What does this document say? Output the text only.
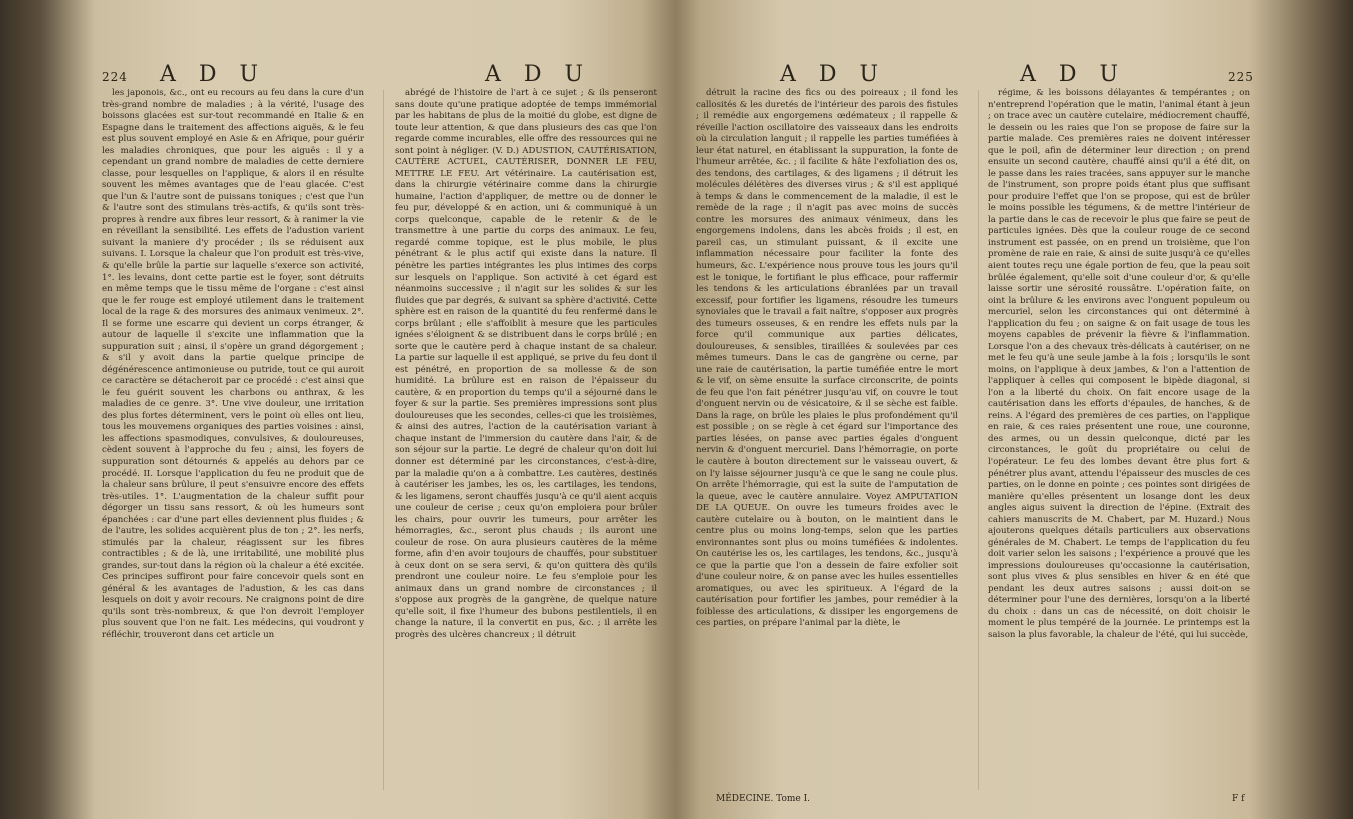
224 A D U	A D U

les japonois, &c., ont eu recours au feu dans la cure d'un très-grand nombre de maladies ; à la vérité, l'usage des boissons glacées est sur-tout recommandé en Italie & en Espagne dans le traitement des affections aiguës, & le feu est plus souvent employé en Asie & en Afrique, pour guérir les maladies chroniques, que pour les aiguës : il y a cependant un grand nombre de maladies de cette derniere classe, pour lesquelles on l'applique, & alors il en résulte souvent les mêmes avantages que de l'eau glacée. C'est que l'un & l'autre sont de puissans toniques ; c'est que l'un & l'autre sont des stimulans très-actifs, & qu'ils sont très-propres à rendre aux fibres leur ressort, & à ranimer la vie en réveillant la sensibilité. Les effets de l'adustion varient suivant la maniere d'y procéder ; ils se réduisent aux suivans. I. Lorsque la chaleur que l'on produit est très-vive, & qu'elle brûle la partie sur laquelle s'exerce son activité, 1°. les levains, dont cette partie est le foyer, sont détruits en même temps que le tissu même de l'organe : c'est ainsi que le fer rouge est employé utilement dans le traitement local de la rage & des morsures des animaux venimeux. 2°. Il se forme une escarre qui devient un corps étranger, & autour de laquelle il s'excite une inflammation que la suppuration suit ; ainsi, il s'opère un grand dégorgement ; & s'il y avoit dans la partie quelque principe de dégénérescence antimonieuse ou putride, tout ce qui auroit ce caractère se détacheroit par ce procédé : c'est ainsi que le feu guérit souvent les charbons ou anthrax, & les maladies de ce genre. 3°. Une vive douleur, une irritation des plus fortes déterminent, vers le point où elles ont lieu, tous les mouvemens organiques des parties voisines : ainsi, les affections spasmodiques, convulsives, & douloureuses, cèdent souvent à l'approche du feu ; ainsi, les foyers de suppuration sont détournés & appelés au dehors par ce procédé. II. Lorsque l'application du feu ne produit que de la chaleur sans brûlure, il peut s'ensuivre encore des effets très-utiles. 1°. L'augmentation de la chaleur suffit pour dégorger un tissu sans ressort, & où les humeurs sont épanchées : car d'une part elles deviennent plus fluides ; & de l'autre, les solides acquièrent plus de ton ; 2°. les nerfs, stimulés par la chaleur, réagissent sur les fibres contractibles ; & de là, une irritabilité, une mobilité plus grandes, sur-tout dans la région où la chaleur a été excitée. Ces principes suffiront pour faire concevoir quels sont en général & les avantages de l'adustion, & les cas dans lesquels on doit y avoir recours. Ne craignons point de dire qu'ils sont très-nombreux, & que l'on devroit l'employer plus souvent que l'on ne fait. Les médecins, qui voudront y réfléchir, trouveront dans cet article un

abrégé de l'histoire de l'art à ce sujet ; & ils penseront sans doute qu'une pratique adoptée de temps immémorial par les habitans de plus de la moitié du globe, est digne de toute leur attention, & que dans plusieurs des cas que l'on regarde comme incurables, elle offre des ressources qui ne sont point à négliger. (V. D.) ADUSTION, CAUTÉRISATION, CAUTÈRE ACTUEL, CAUTÉRISER, DONNER LE FEU, METTRE LE FEU. Art vétérinaire. La cautérisation est, dans la chirurgie vétérinaire comme dans la chirurgie humaine, l'action d'appliquer, de mettre ou de donner le feu pur, développé & en action, uni & communiqué à un corps quelconque, capable de le retenir & de le transmettre à une partie du corps des animaux. Le feu, regardé comme topique, est le plus mobile, le plus pénétrant & le plus actif qui existe dans la nature. Il pénètre les parties intégrantes les plus intimes des corps sur lesquels on l'applique. Son activité à cet égard est néanmoins successive ; il n'agit sur les solides & sur les fluides que par degrés, & suivant sa sphère d'activité. Cette sphère est en raison de la quantité du feu renfermé dans le corps brûlant ; elle s'affoiblit à mesure que les particules ignées s'éloignent & se distribuent dans le corps brûlé ; en sorte que le cautère perd à chaque instant de sa chaleur. La partie sur laquelle il est appliqué, se prive du feu dont il est pénétré, en proportion de sa mollesse & de son humidité. La brûlure est en raison de l'épaisseur du cautère, & en proportion du temps qu'il a séjourné dans le foyer & sur la partie. Ses premières impressions sont plus douloureuses que les secondes, celles-ci que les troisièmes, & ainsi des autres, l'action de la cautérisation variant à chaque instant de l'immersion du cautère dans l'air, & de son séjour sur la partie. Le degré de chaleur qu'on doit lui donner est déterminé par les circonstances, c'est-à-dire, par la maladie qu'on a à combattre. Les cautères, destinés à cautériser les jambes, les os, les cartilages, les tendons, & les ligamens, seront chauffés jusqu'à ce qu'il aient acquis une couleur de cerise ; ceux qu'on emploiera pour brûler les chairs, pour ouvrir les tumeurs, pour arrêter les hémorragies, &c., seront plus chauds ; ils auront une couleur de rose. On aura plusieurs cautères de la même forme, afin d'en avoir toujours de chauffés, pour substituer à ceux dont on se sera servi, & qu'on quittera dès qu'ils prendront une couleur noire. Le feu s'emploie pour les animaux dans un grand nombre de circonstances ; il s'oppose aux progrès de la gangrène, de quelque nature qu'elle soit, il fixe l'humeur des bubons pestilentiels, il en change la nature, il la convertit en pus, &c. ; il arrête les progrès des ulcères chancreux ; il détruit

A D U	A D U	225

détruit la racine des fics ou des poireaux ; il fond les callosités & les duretés de l'intérieur des parois des fistules ; il remédie aux engorgemens œdémateux ; il rappelle & réveille l'action oscillatoire des vaisseaux dans les endroits où la circulation languit ; il rappelle les parties tuméfiées à leur état naturel, en établissant la suppuration, la fonte de l'humeur arrêtée, &c. ; il facilite & hâte l'exfoliation des os, des tendons, des cartilages, & des ligamens ; il détruit les molécules délétères des diverses virus ; & s'il est appliqué à temps & dans le commencement de la maladie, il est le remède de la rage ; il n'agit pas avec moins de succès contre les morsures des animaux vénimeux, dans les engorgemens indolens, dans les abcès froids ; il est, en pareil cas, un stimulant puissant, & il excite une inflammation nécessaire pour faciliter la fonte des humeurs, &c. L'expérience nous prouve tous les jours qu'il est le tonique, le fortifiant le plus efficace, pour raffermir les tendons & les articulations ébranlées par un travail excessif, pour fortifier les ligamens, résoudre les tumeurs synoviales que le travail a fait naître, s'opposer aux progrès des tumeurs osseuses, & en rendre les effets nuls par la force qu'il communique aux parties délicates, douloureuses, & sensibles, tiraillées & soulevées par ces mêmes tumeurs. Dans le cas de gangrène ou cerne, par une raie de cautérisation, la partie tuméfiée entre le mort & le vif, on sème ensuite la surface circonscrite, de points de feu que l'on fait pénétrer jusqu'au vif, on couvre le tout d'onguent nervin ou de vésicatoire, & il se sèche est faible. Dans la rage, on brûle les plaies le plus profondément qu'il est possible ; on se règle à cet égard sur l'importance des parties lésées, on panse avec parties égales d'onguent nervin & d'onguent mercuriel. Dans l'hémorragie, on porte le cautère à bouton directement sur le vaisseau ouvert, & on l'y laisse séjourner jusqu'à ce que le sang ne coule plus. On arrête l'hémorragie, qui est la suite de l'amputation de la queue, avec le cautère annulaire. Voyez AMPUTATION DE LA QUEUE. On ouvre les tumeurs froides avec le cautère cutelaire ou à bouton, on le maintient dans le centre plus ou moins long-temps, selon que les parties environnantes sont plus ou moins tuméfiées & indolentes. On cautérise les os, les cartilages, les tendons, &c., jusqu'à ce que la partie que l'on a dessein de faire exfolier soit d'une couleur noire, & on panse avec les huiles essentielles aromatiques, ou avec les spiritueux. A l'égard de la cautérisation pour fortifier les jambes, pour remédier à la foiblesse des articulations, & dissiper les engorgemens de ces parties, on prépare l'animal par la diète, le

régime, & les boissons délayantes & tempérantes ; on n'entreprend l'opération que le matin, l'animal étant à jeun ; on trace avec un cautère cutelaire, médiocrement chauffé, le dessein ou les raies que l'on se propose de faire sur la partie malade. Ces premières raies ne doivent intéresser que le poil, afin de déterminer leur direction ; on prend ensuite un second cautère, chauffé ainsi qu'il a été dit, on le passe dans les raies tracées, sans appuyer sur le manche de l'instrument, son propre poids étant plus que suffisant pour produire l'effet que l'on se propose, qui est de brûler le moins possible les tégumens, & de mettre l'intérieur de la partie dans le cas de recevoir le plus que faire se peut de particules ignées. Dès que la couleur rouge de ce second instrument est passée, on en prend un troisième, que l'on promène de raie en raie, & ainsi de suite jusqu'à ce qu'elles aient toutes reçu une égale portion de feu, que la peau soit brûlée également, qu'elle soit d'une couleur d'or, & qu'elle laisse sortir une sérosité roussâtre. L'opération faite, on oint la brûlure & les environs avec l'onguent populeum ou mercuriel, selon les circonstances qui ont déterminé à l'application du feu ; on saigne & on fait usage de tous les moyens capables de prévenir la fièvre & l'inflammation. Lorsque l'on a des chevaux très-délicats à cautériser, on ne met le feu qu'à une seule jambe à la fois ; lorsqu'ils le sont moins, on l'applique à deux jambes, & l'on a l'attention de l'appliquer à celles qui composent le bipède diagonal, si l'on a la liberté du choix. On fait encore usage de la cautérisation dans les efforts d'épaules, de hanches, & de reins. A l'égard des premières de ces parties, on l'applique en raie, & ces raies présentent une roue, une couronne, des armes, ou un dessin quelconque, dicté par les circonstances, le goût du propriétaire ou celui de l'opérateur. Le feu des lombes devant être plus fort & pénétrer plus avant, attendu l'épaisseur des muscles de ces parties, on le donne en pointe ; ces pointes sont dirigées de manière qu'elles présentent un losange dont les deux angles aigus suivent la direction de l'épine. (Extrait des cahiers manuscrits de M. Chabert, par M. Huzard.) Nous ajouterons quelques détails particuliers aux observations générales de M. Chabert. Le temps de l'application du feu doit varier selon les saisons ; l'expérience a prouvé que les impressions douloureuses qu'occasionne la cautérisation, sont plus vives & plus sensibles en hiver & en été que pendant les deux autres saisons ; aussi doit-on se déterminer pour l'une des dernières, lorsqu'on a la liberté du choix : dans un cas de nécessité, on doit choisir le moment le plus tempéré de la journée. Le printemps est la saison la plus favorable, la chaleur de l'été, qui lui succède,

MÉDECINE. Tome I.	F f
